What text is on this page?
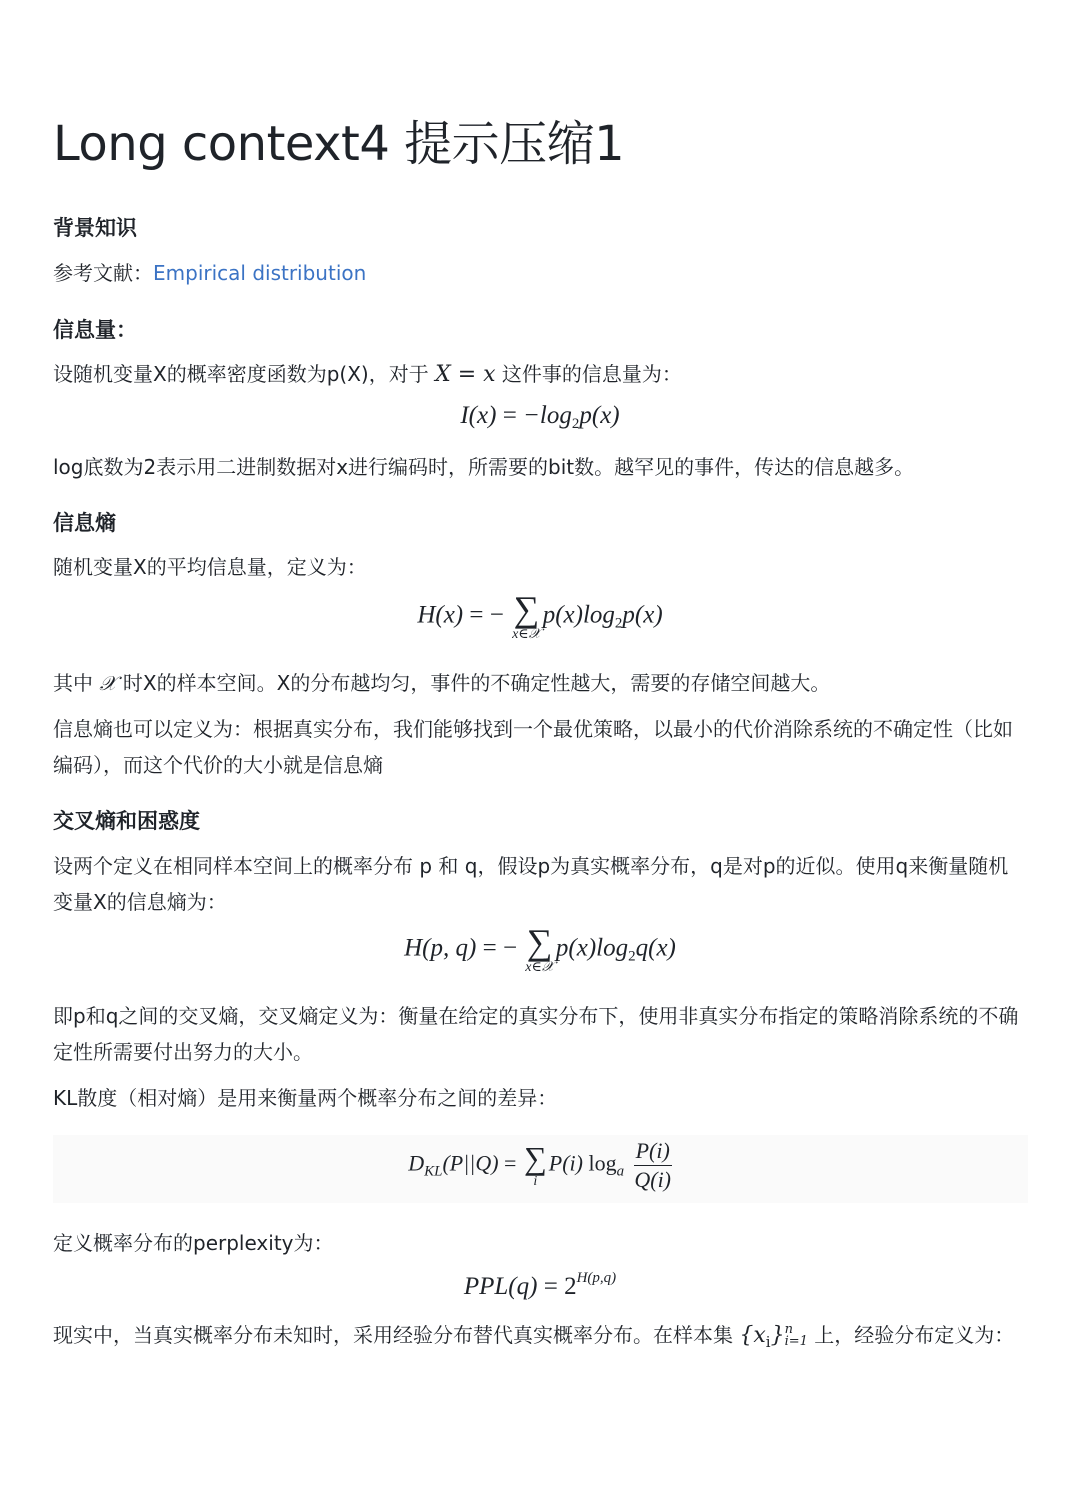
Long context4 提示压缩1
背景知识

参考文献：Empirical distribution

信息量：

设随机变量X的概率密度函数为p(X)，对于 X = x 这件事的信息量为：

$I(x) = -\log_2p(x)$

log底数为2表示用二进制数据对x进行编码时，所需要的bit数。越罕见的事件，传达的信息越多。

信息熵

随机变量X的平均信息量，定义为：

H(x) = − ∑
x∈𝒳
$p(x)\log_2p(x)$

其中 𝒳 时X的样本空间。X的分布越均匀，事件的不确定性越大，需要的存储空间越大。

信息熵也可以定义为：根据真实分布，我们能够找到一个最优策略，以最小的代价消除系统的不确定性（比如编码），而这个代价的大小就是信息熵

交叉熵和困惑度

设两个定义在相同样本空间上的概率分布 p 和 q，假设p为真实概率分布，q是对p的近似。使用q来衡量随机变量X的信息熵为：

H(p, q) = − ∑
x∈𝒳
$p(x)\log_2q(x)$

即p和q之间的交叉熵，交叉熵定义为：衡量在给定的真实分布下，使用非真实分布指定的策略消除系统的不确定性所需要付出努力的大小。

KL散度（相对熵）是用来衡量两个概率分布之间的差异：

$D_{KL}(P||Q)$ = ∑
i
P(i) $\log_a \frac{P(i)}{Q(i)}$

定义概率分布的perplexity为：

$PPL(q) = 2^{H(p,q)}$

现实中，当真实概率分布未知时，采用经验分布替代真实概率分布。在样本集 $\{x_i\}$ n
i=1 上，经验分布定义为：
